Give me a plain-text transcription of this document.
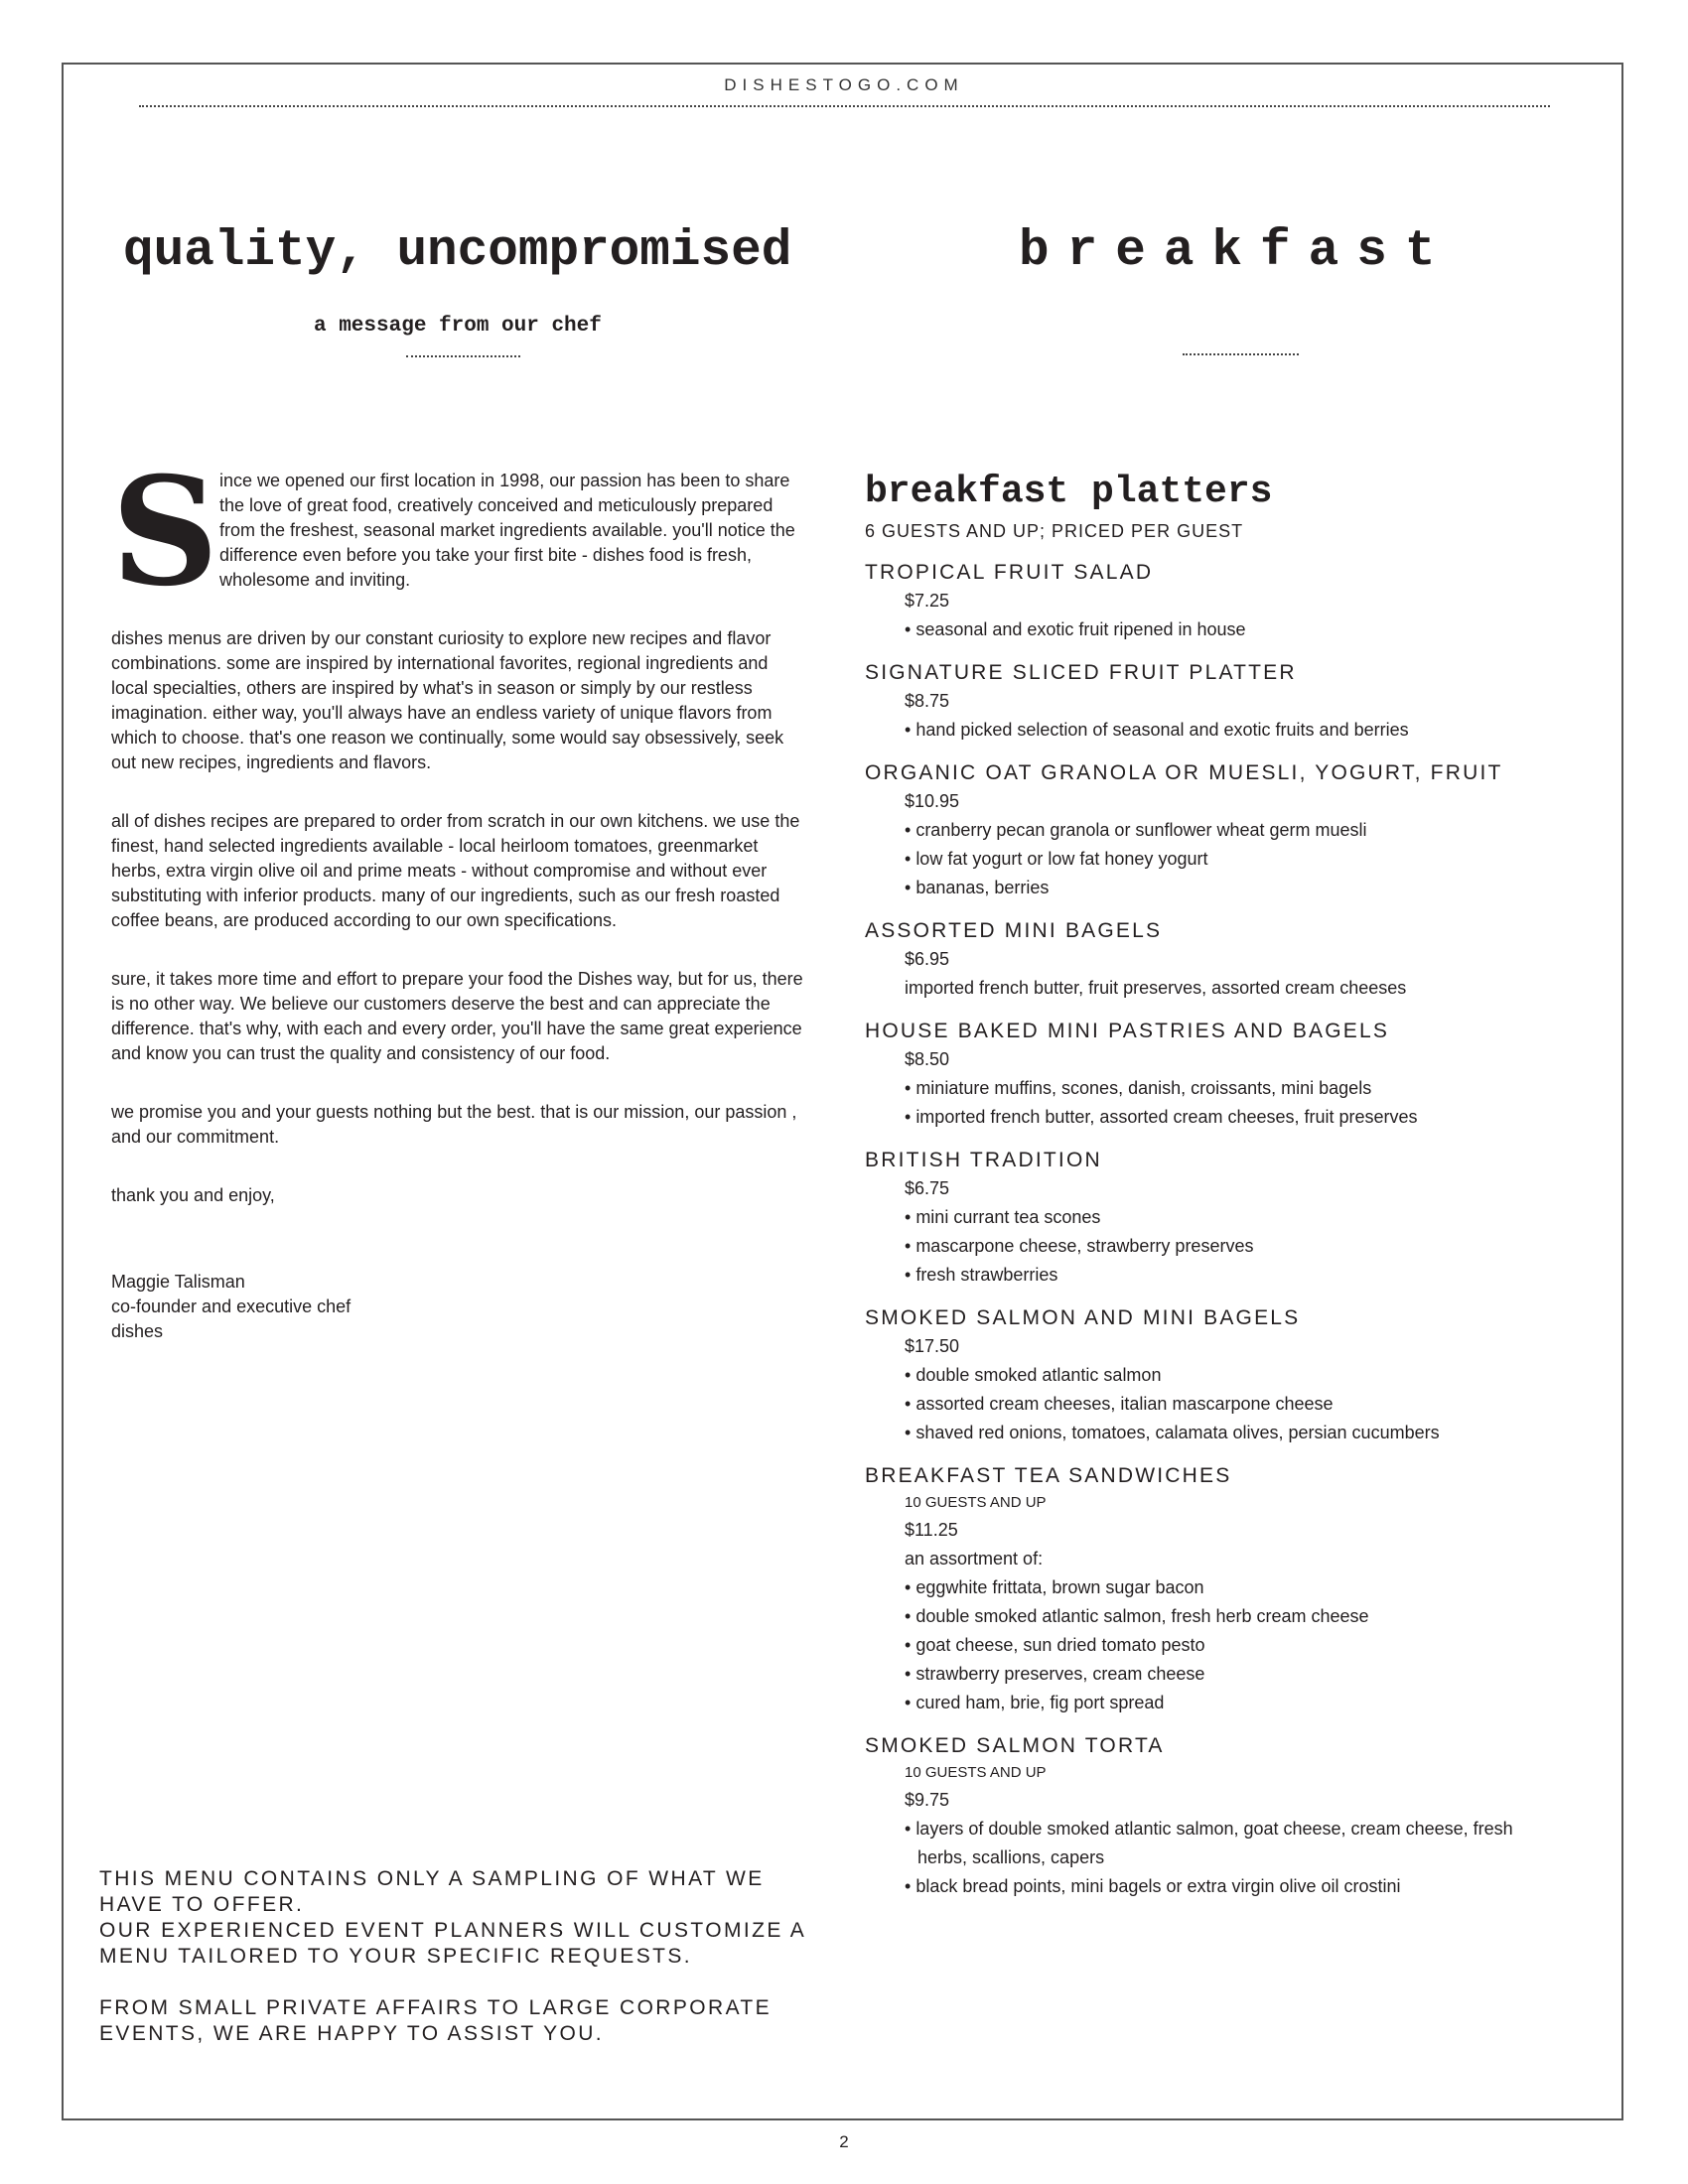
DISHESTOGO.COM
quality, uncompromised
a message from our chef
breakfast

Since we opened our first location in 1998, our passion has been to share the love of great food, creatively conceived and meticulously prepared from the freshest, seasonal market ingredients available. you'll notice the difference even before you take your first bite - dishes food is fresh, wholesome and inviting.

dishes menus are driven by our constant curiosity to explore new recipes and flavor combinations. some are inspired by international favorites, regional ingredients and local specialties, others are inspired by what's in season or simply by our restless imagination. either way, you'll always have an endless variety of unique flavors from which to choose. that's one reason we continually, some would say obsessively, seek out new recipes, ingredients and flavors.

all of dishes recipes are prepared to order from scratch in our own kitchens. we use the finest, hand selected ingredients available - local heirloom tomatoes, greenmarket herbs, extra virgin olive oil and prime meats - without compromise and without ever substituting with inferior products. many of our ingredients, such as our fresh roasted coffee beans, are produced according to our own specifications.

sure, it takes more time and effort to prepare your food the Dishes way, but for us, there is no other way. We believe our customers deserve the best and can appreciate the difference. that's why, with each and every order, you'll have the same great experience and know you can trust the quality and consistency of our food.

we promise you and your guests nothing but the best. that is our mission, our passion , and our commitment.

thank you and enjoy,

Maggie Talisman
co-founder and executive chef
dishes
THIS MENU CONTAINS ONLY A SAMPLING OF WHAT WE
HAVE TO OFFER.
OUR EXPERIENCED EVENT PLANNERS WILL CUSTOMIZE A
MENU TAILORED TO YOUR SPECIFIC REQUESTS.
FROM SMALL PRIVATE AFFAIRS TO LARGE CORPORATE
EVENTS, WE ARE HAPPY TO ASSIST YOU.
breakfast platters
6 GUESTS AND UP; PRICED PER GUEST
TROPICAL FRUIT SALAD
$7.25
• seasonal and exotic fruit ripened in house
SIGNATURE SLICED FRUIT PLATTER
$8.75
• hand picked selection of seasonal and exotic fruits and berries
ORGANIC OAT GRANOLA OR MUESLI, YOGURT, FRUIT
$10.95
• cranberry pecan granola or sunflower wheat germ muesli
• low fat yogurt or low fat honey yogurt
• bananas, berries
ASSORTED MINI BAGELS
$6.95
imported french butter, fruit preserves, assorted cream cheeses
HOUSE BAKED MINI PASTRIES AND BAGELS
$8.50
• miniature muffins, scones, danish, croissants, mini bagels
• imported french butter, assorted cream cheeses, fruit preserves
BRITISH TRADITION
$6.75
• mini currant tea scones
• mascarpone cheese, strawberry preserves
• fresh strawberries
SMOKED SALMON AND MINI BAGELS
$17.50
• double smoked atlantic salmon
• assorted cream cheeses, italian mascarpone cheese
• shaved red onions, tomatoes, calamata olives, persian cucumbers
BREAKFAST TEA SANDWICHES
10 GUESTS AND UP
$11.25
an assortment of:
• eggwhite frittata, brown sugar bacon
• double smoked atlantic salmon, fresh herb cream cheese
• goat cheese, sun dried tomato pesto
• strawberry preserves, cream cheese
• cured ham, brie, fig port spread
SMOKED SALMON TORTA
10 GUESTS AND UP
$9.75
• layers of double smoked atlantic salmon, goat cheese, cream cheese, fresh herbs, scallions, capers
• black bread points, mini bagels or extra virgin olive oil crostini
2
